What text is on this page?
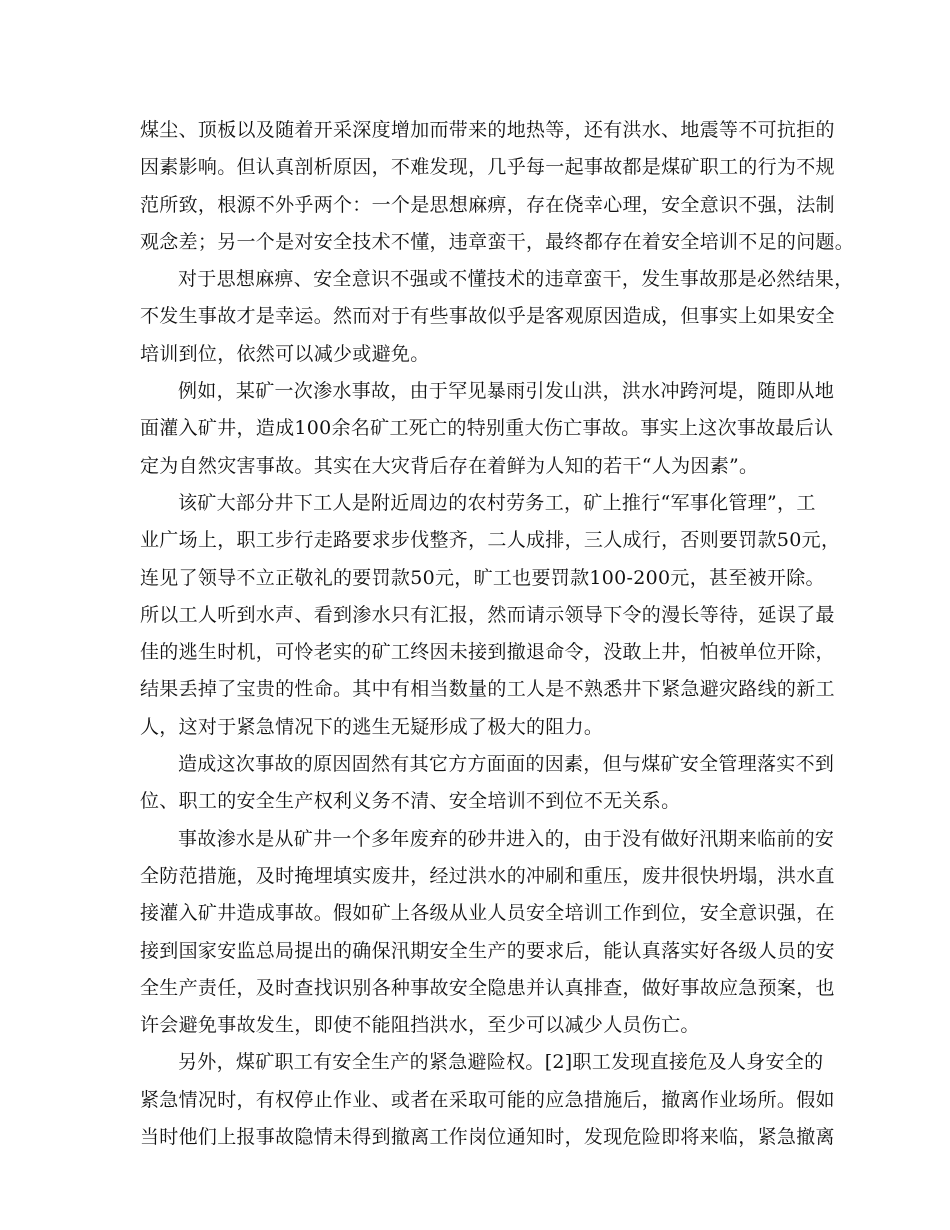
煤尘、顶板以及随着开采深度增加而带来的地热等，还有洪水、地震等不可抗拒的
因素影响。但认真剖析原因，不难发现，几乎每一起事故都是煤矿职工的行为不规
范所致，根源不外乎两个：一个是思想麻痹，存在侥幸心理，安全意识不强，法制
观念差；另一个是对安全技术不懂，违章蛮干，最终都存在着安全培训不足的问题。
对于思想麻痹、安全意识不强或不懂技术的违章蛮干，发生事故那是必然结果，
不发生事故才是幸运。然而对于有些事故似乎是客观原因造成，但事实上如果安全
培训到位，依然可以减少或避免。
例如，某矿一次渗水事故，由于罕见暴雨引发山洪，洪水冲跨河堤，随即从地
面灌入矿井，造成100余名矿工死亡的特别重大伤亡事故。事实上这次事故最后认
定为自然灾害事故。其实在大灾背后存在着鲜为人知的若干“人为因素”。
该矿大部分井下工人是附近周边的农村劳务工，矿上推行“军事化管理”，工
业广场上，职工步行走路要求步伐整齐，二人成排，三人成行，否则要罚款50元，
连见了领导不立正敬礼的要罚款50元，旷工也要罚款100-200元，甚至被开除。
所以工人听到水声、看到渗水只有汇报，然而请示领导下令的漫长等待，延误了最
佳的逃生时机，可怜老实的矿工终因未接到撤退命令，没敢上井，怕被单位开除，
结果丢掉了宝贵的性命。其中有相当数量的工人是不熟悉井下紧急避灾路线的新工
人，这对于紧急情况下的逃生无疑形成了极大的阻力。
造成这次事故的原因固然有其它方方面面的因素，但与煤矿安全管理落实不到
位、职工的安全生产权利义务不清、安全培训不到位不无关系。
事故渗水是从矿井一个多年废弃的砂井进入的，由于没有做好汛期来临前的安
全防范措施，及时掩埋填实废井，经过洪水的冲刷和重压，废井很快坍塌，洪水直
接灌入矿井造成事故。假如矿上各级从业人员安全培训工作到位，安全意识强，在
接到国家安监总局提出的确保汛期安全生产的要求后，能认真落实好各级人员的安
全生产责任，及时查找识别各种事故安全隐患并认真排查，做好事故应急预案，也
许会避免事故发生，即使不能阻挡洪水，至少可以减少人员伤亡。
另外，煤矿职工有安全生产的紧急避险权。[2]职工发现直接危及人身安全的
紧急情况时，有权停止作业、或者在采取可能的应急措施后，撤离作业场所。假如
当时他们上报事故隐情未得到撤离工作岗位通知时，发现危险即将来临，紧急撤离
